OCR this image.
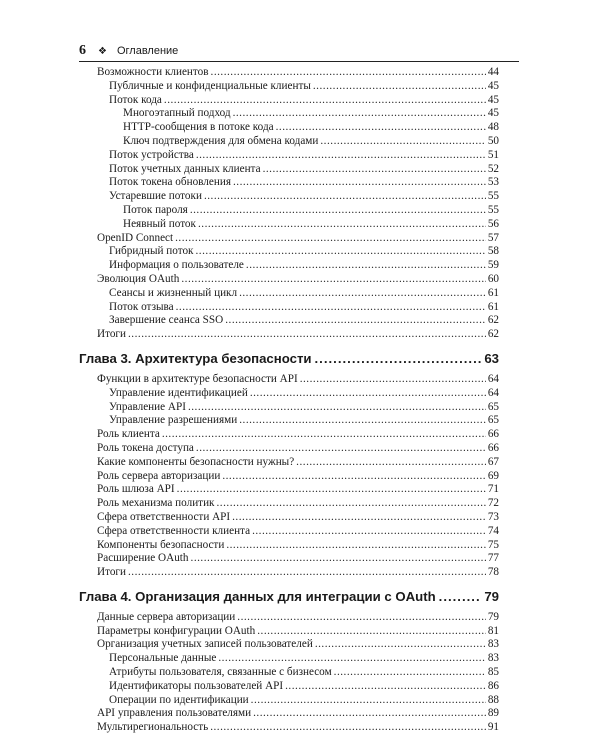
6 ❖ Оглавление
Возможности клиентов .....	44
Публичные и конфиденциальные клиенты .....	45
Поток кода .....	45
Многоэтапный подход .....	45
HTTP-сообщения в потоке кода .....	48
Ключ подтверждения для обмена кодами .....	50
Поток устройства .....	51
Поток учетных данных клиента .....	52
Поток токена обновления .....	53
Устаревшие потоки .....	55
Поток пароля .....	55
Неявный поток .....	56
OpenID Connect .....	57
Гибридный поток .....	58
Информация о пользователе .....	59
Эволюция OAuth .....	60
Сеансы и жизненный цикл .....	61
Поток отзыва .....	61
Завершение сеанса SSO .....	62
Итоги .....	62
Глава 3. Архитектура безопасности .....	63
Функции в архитектуре безопасности API .....	64
Управление идентификацией .....	64
Управление API .....	65
Управление разрешениями .....	65
Роль клиента .....	66
Роль токена доступа .....	66
Какие компоненты безопасности нужны? .....	67
Роль сервера авторизации .....	69
Роль шлюза API .....	71
Роль механизма политик .....	72
Сфера ответственности API .....	73
Сфера ответственности клиента .....	74
Компоненты безопасности .....	75
Расширение OAuth .....	77
Итоги .....	78
Глава 4. Организация данных для интеграции с OAuth .....	79
Данные сервера авторизации .....	79
Параметры конфигурации OAuth .....	81
Организация учетных записей пользователей .....	83
Персональные данные .....	83
Атрибуты пользователя, связанные с бизнесом .....	85
Идентификаторы пользователей API .....	86
Операции по идентификации .....	88
API управления пользователями .....	89
Мультирегиональность .....	91
